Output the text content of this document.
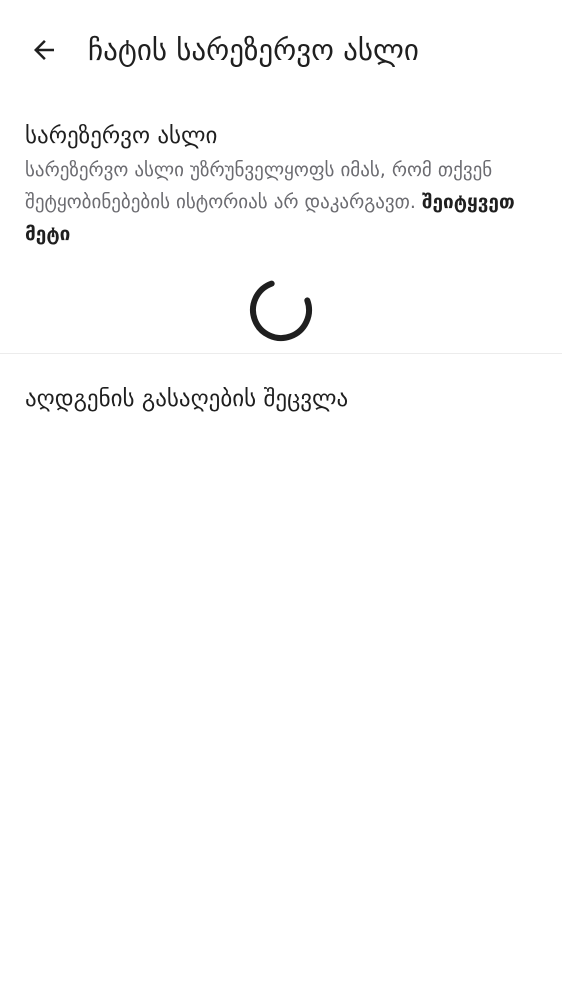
ჩატის სარეზერვო ასლი
სარეზერვო ასლი
სარეზერვო ასლი უზრუნველყოფს იმას, რომ თქვენ შეტყობინებების ისტორიას არ დაკარგავთ. შეიტყვეთ მეტი
აღდგენის გასაღების შეცვლა
